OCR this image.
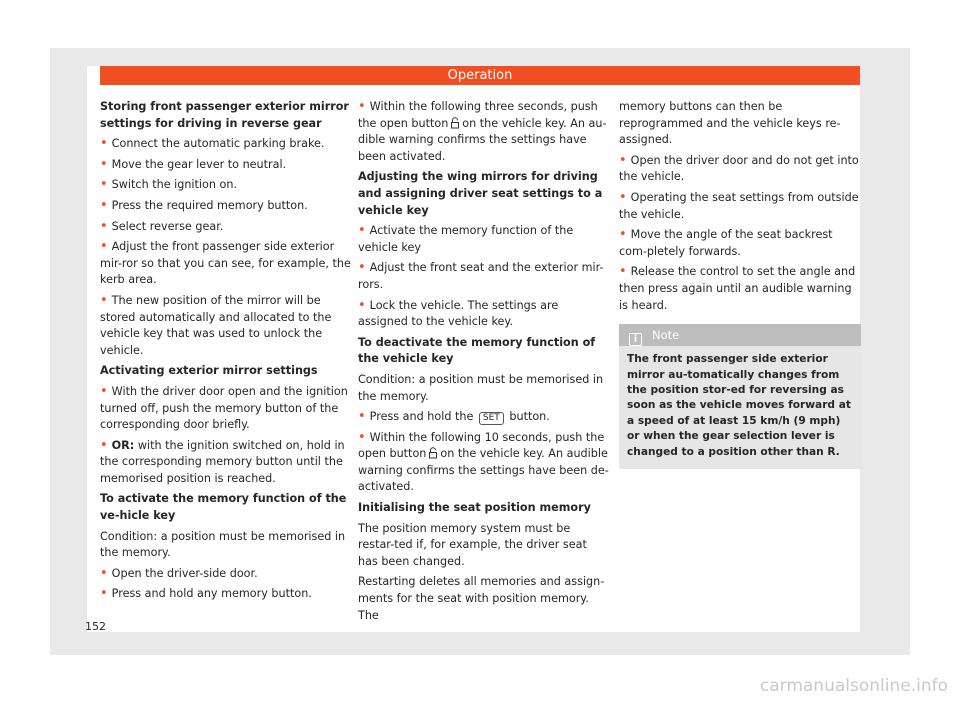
Operation

Storing front passenger exterior mirror settings for driving in reverse gear

• Connect the automatic parking brake.

• Move the gear lever to neutral.

• Switch the ignition on.

• Press the required memory button.

• Select reverse gear.

• Adjust the front passenger side exterior mir-ror so that you can see, for example, the kerb area.

• The new position of the mirror will be stored automatically and allocated to the vehicle key that was used to unlock the vehicle.

Activating exterior mirror settings

• With the driver door open and the ignition turned off, push the memory button of the corresponding door briefly.

• OR: with the ignition switched on, hold in the corresponding memory button until the memorised position is reached.

To activate the memory function of the ve-hicle key

Condition: a position must be memorised in the memory.

• Open the driver-side door.

• Press and hold any memory button.

• Within the following three seconds, push the open button on the vehicle key. An au-dible warning confirms the settings have been activated.

Adjusting the wing mirrors for driving and assigning driver seat settings to a vehicle key

• Activate the memory function of the vehicle key

• Adjust the front seat and the exterior mir-rors.

• Lock the vehicle. The settings are assigned to the vehicle key.

To deactivate the memory function of the vehicle key

Condition: a position must be memorised in the memory.

• Press and hold the SET button.

• Within the following 10 seconds, push the open button on the vehicle key. An audible warning confirms the settings have been de-activated.

Initialising the seat position memory

The position memory system must be restar-ted if, for example, the driver seat has been changed.

Restarting deletes all memories and assign-ments for the seat with position memory. The

memory buttons can then be reprogrammed and the vehicle keys re-assigned.

• Open the driver door and do not get into the vehicle.

• Operating the seat settings from outside the vehicle.

• Move the angle of the seat backrest com-pletely forwards.

• Release the control to set the angle and then press again until an audible warning is heard.

i Note
The front passenger side exterior mirror au-tomatically changes from the position stor-ed for reversing as soon as the vehicle moves forward at a speed of at least 15 km/h (9 mph) or when the gear selection lever is changed to a position other than R.
152
carmanualsonline.info
